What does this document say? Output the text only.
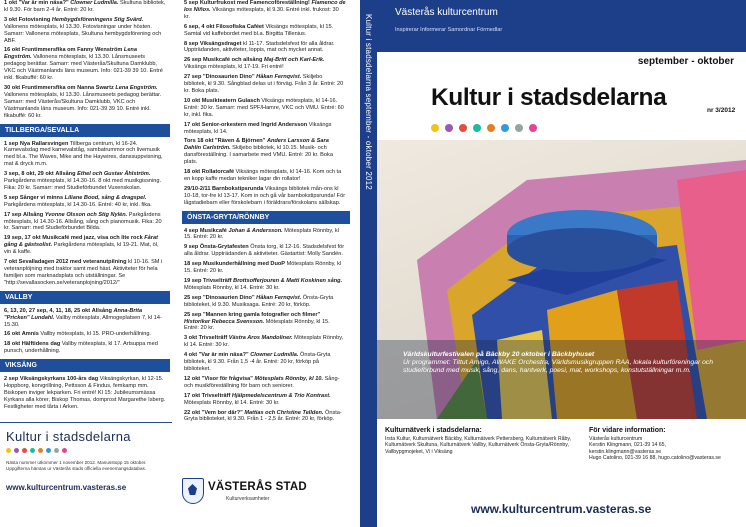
1 okt "Var är min näsa?" Clowner Ludmilla. Skultuna bibliotek, kl 9.30. För barn 2-4 år. Entré: 20 kr.
3 okt Fotovisning Hembygdsföreningens Stig Svärd. Vallonens mötesplats, kl 13.30. Fotovisningar under hösten. Samarr: Vallonens mötesplats, Skultuna hembygdsförening och ABF.
16 okt Fruntimmersfika om Fanny Wenström Lena Engström. Vallonens mötesplats, kl 13.30. Lånsmuseets pedagog berättar. Samarr: med Västerås/Skultuna Damklubb, VKC och Västmanlands läns museum. Info: 021-39 39 10. Entré inkl. fikabuffé: 60 kr.
30 okt Fruntimmersfika om Nanna Swartz Lena Engström. Vallonens mötesplats, kl 13.30. Lånsmuseets pedagog berättar. Samarr: med Västerås/Skultuna Damklubb, VKC och Västmanlands läns museum. Info: 021-39 39 10. Entré inkl. fikabuffé: 60 kr.
TILLBERGA/SEVALLA
1 sep Nya Rallarsvingen Tillberga centrum, kl 16-24. Karnevalsdag med karnevalståg, sambatrummor och livemusik med bl.a. The Waves, Mike and the Haywires, danssuppvisning, mat & dryck m.m.
3 sep, 8 okt, 29 okt Allsång Ethel och Gustav Åhlström. Parkgårdens mötesplats, kl 14.30-16. 8 okt med musikgissning. Fika: 20 kr. Samarr: med Studieförbundet Vuxenskolan.
5 sep Sånger vi minns Liliane Bood, sång & dragspel. Parkgårdens mötesplats, kl 14.30-16. Entré: 40 kr, inkl. fika.
17 sep Allsång Yvonne Olsson och Stig Nylén. Parkgårdens mötesplats, kl 14.30-16. Allsång, sång och pianomusik. Fika: 20 kr. Samarr: med Studieförbundet Bilda.
19 sep, 17 okt Musikcafé med jazz, visa och lite rock Fårat gång & gästsolist. Parkgårdens mötesplats, kl 19-21. Mat, öl, vin & kaffe.
7 okt Sevalladagen 2012 med veteranutpilning kl 10-16. SM i veteranplöjning med traktor samt med häst. Aktiviteter för hela familjen som marknadsplats och utställningar. Se "http://sevallasocken.se/veteranplojning/2012/"
VALLBY
6, 13, 20, 27 sep, 4, 11, 18, 25 okt Allsång Anna-Brita "Pricken" Lundahl. Vallby mötesplats, Allmogeplatsen 7, kl 14-15.30.
16 okt Amnis Vallby mötesplats, kl 15. PRO-underhållning.
18 okt Hälftidens dag Vallby mötesplats, kl 17. Artsuppa med punsch, underhållning.
VIKSÄNG
2 sep Viksängskyrkans 100-års dag Viksängskyrkan, kl 12-15. Hoppborg, korvgrillning, Pettsson & Findus, femkamp mm. Biskopen inviger lekparken. Fri entré! Kl 15: Jubileumsmässa Kyrkans alla körer, Biskop Thomas, domprost Margarethe Isberg. Festligheter med tårta i Arken.
5 sep Kulturfrukost med Famencoföreställning! Flamenco de los Niños. Viksängs mötesplats, kl 9.30. Entré inkl. frukost: 30 kr.
6 sep, 4 okt Filosofiska Caféet Viksängs mötesplats, kl 15. Samtal vid kaffebordet med bl.a. Birgitta Tillenius.
8 sep Viksängsdraget kl 11-17. Stadsdelsfest för alla åldrar. Uppträdanden, aktiviteter, loppis, mat och mycket annat.
26 sep Musikcafé och allsång Maj-Britt och Karl-Erik. Viksängs mötesplats, kl 17-19. Fri entré!
27 sep "Dinosaurien Dino" Håkan Fernqvist. Skiljebo bibliotek, kl 9.30. Sångblad delas ut i förväg. Från 3 år. Entré: 20 kr. Boka plats.
10 okt Musikteatern Gulasch Viksängs mötesplats, kl 14-16. Entré: 30 kr. Samarr: med SPF/Hamre, VKC och VMU. Entré: 60 kr, inkl. fika.
17 okt Senior-orkestern med Ingrid Andersson Viksängs mötesplats, kl 14.
Tors 18 okt "Räven & Björnen" Anders Larsson & Sara Dahlin Carlström. Skiljebo bibliotek, kl 10.15. Musik- och dansföreställning. I samarbete med VMU. Entré: 20 kr. Boka plats.
18 okt Rollatorcafé Viksängs mötesplats, kl 14-16. Kom och ta en kopp kaffe medan tekniker lagar din rollator!
29/10-2/11 Barnbokstipsrunda Viksängs bibliotek mån-ons kl 10-18, tor-fre kl 13-17. Kom in och gå vår barnbokstipsrunda! För lågstadiebarn eller förskolebarn i föräldrars/förskolans sällskap.
ÖNSTA-GRYTA/RÖNNBY
4 sep Musikcafé Johan & Andersson. Mötesplats Rönnby, kl 15. Entré: 20 kr.
9 sep Önsta-Grytafesten Önsta torg, kl 12-16. Stadsdelsfest för alla åldrar. Uppträdanden & aktiviteter. Gästartist: Molly Sandén.
18 sep Musikunderhållning med DuoP Mötesplats Rönnby, kl 15. Entré: 20 kr.
19 sep Trivselträff Brottsofferjouren & Matti Koskinen sång. Mötesplats Rönnby, kl 14. Entré: 30 kr.
25 sep "Dinosaurien Dino" Håkan Fernqvist. Önsta-Gryta biblioteket, kl 9.30. Musiksaga. Entré: 20 kr, förköp.
25 sep "Mannen kring gamla fotografier och filmer" Historiker Rebecca Svensson. Mötesplats Rönnby, kl 15. Entré: 20 kr.
3 okt Trivselträff Västra Aros Mandoliner. Mötesplats Rönnby, kl 14. Entré: 30 kr.
4 okt "Var är min näsa?" Clowner Ludmilla. Önsta-Gryta bibliotek, kl 9.30. Från 1,5 -4 år. Entré: 20 kr, förköp på biblioteket.
12 okt "Visor för frågvisa" Mötesplats Rönnby, kl 10. Sång- och musikföreställning för barn och seniorer.
17 okt Trivselträff Hjälpmedelscentrum & Trio Kontrast. Mötesplats Rönnby, kl 14. Entré: 30 kr.
22 okt "Vem bor där?" Mattias och Christine Tellden. Önsta-Gryta biblioteket, kl 9.30. Från 1 - 2,5 år. Entré: 20 kr, förköp.
Kultur i stadsdelarna
Nästa nummer utkommer 1 november 2012. Manusstopp 15 oktober. Uppgifterna hämtas ur Västerås stads officiella evenemangsdatabas.
www.kulturcentrum.vasteras.se	VÄSTERÅS STAD
Kulturverksamheter
Kultur i stadsdelarna september - oktober 2012
Västerås kulturcentrum
Inspirerar Informerar Samordnar Förmedlar
september - oktober
Kultur i stadsdelarna	nr 3/2012
Världskulturfestivalen på Bäckby 20 oktober i Bäckbyhuset
Ur programmet: Tittut Amigo, AWAKE Orchestra, Världsmusikgruppen RAA, lokala kulturföreningar och studieförbund med musik, sång, dans, hantverk, poesi, mat, workshops, konstutställningar m.m.
Kulturnätverk i stadsdelarna:
Irsta Kultur, Kulturnätverk Bäckby, Kulturnätverk Pettersberg, Kulturnätverk Råby, Kulturnätverk Skultuna, Kulturnätverk Vallby, Kulturnätverk Önsta-Gryta/Rönnby, Vallbypgmojeket, Vi i Viksäng
För vidare information:
Västerås kulturcentrum
Kerstin Klingmann, 021-39 14 65, kerstin.klingmann@vasteras.se
Hugo Catolino, 021-39 16 88, hugo.catolino@vasteras.se
www.kulturcentrum.vasteras.se
